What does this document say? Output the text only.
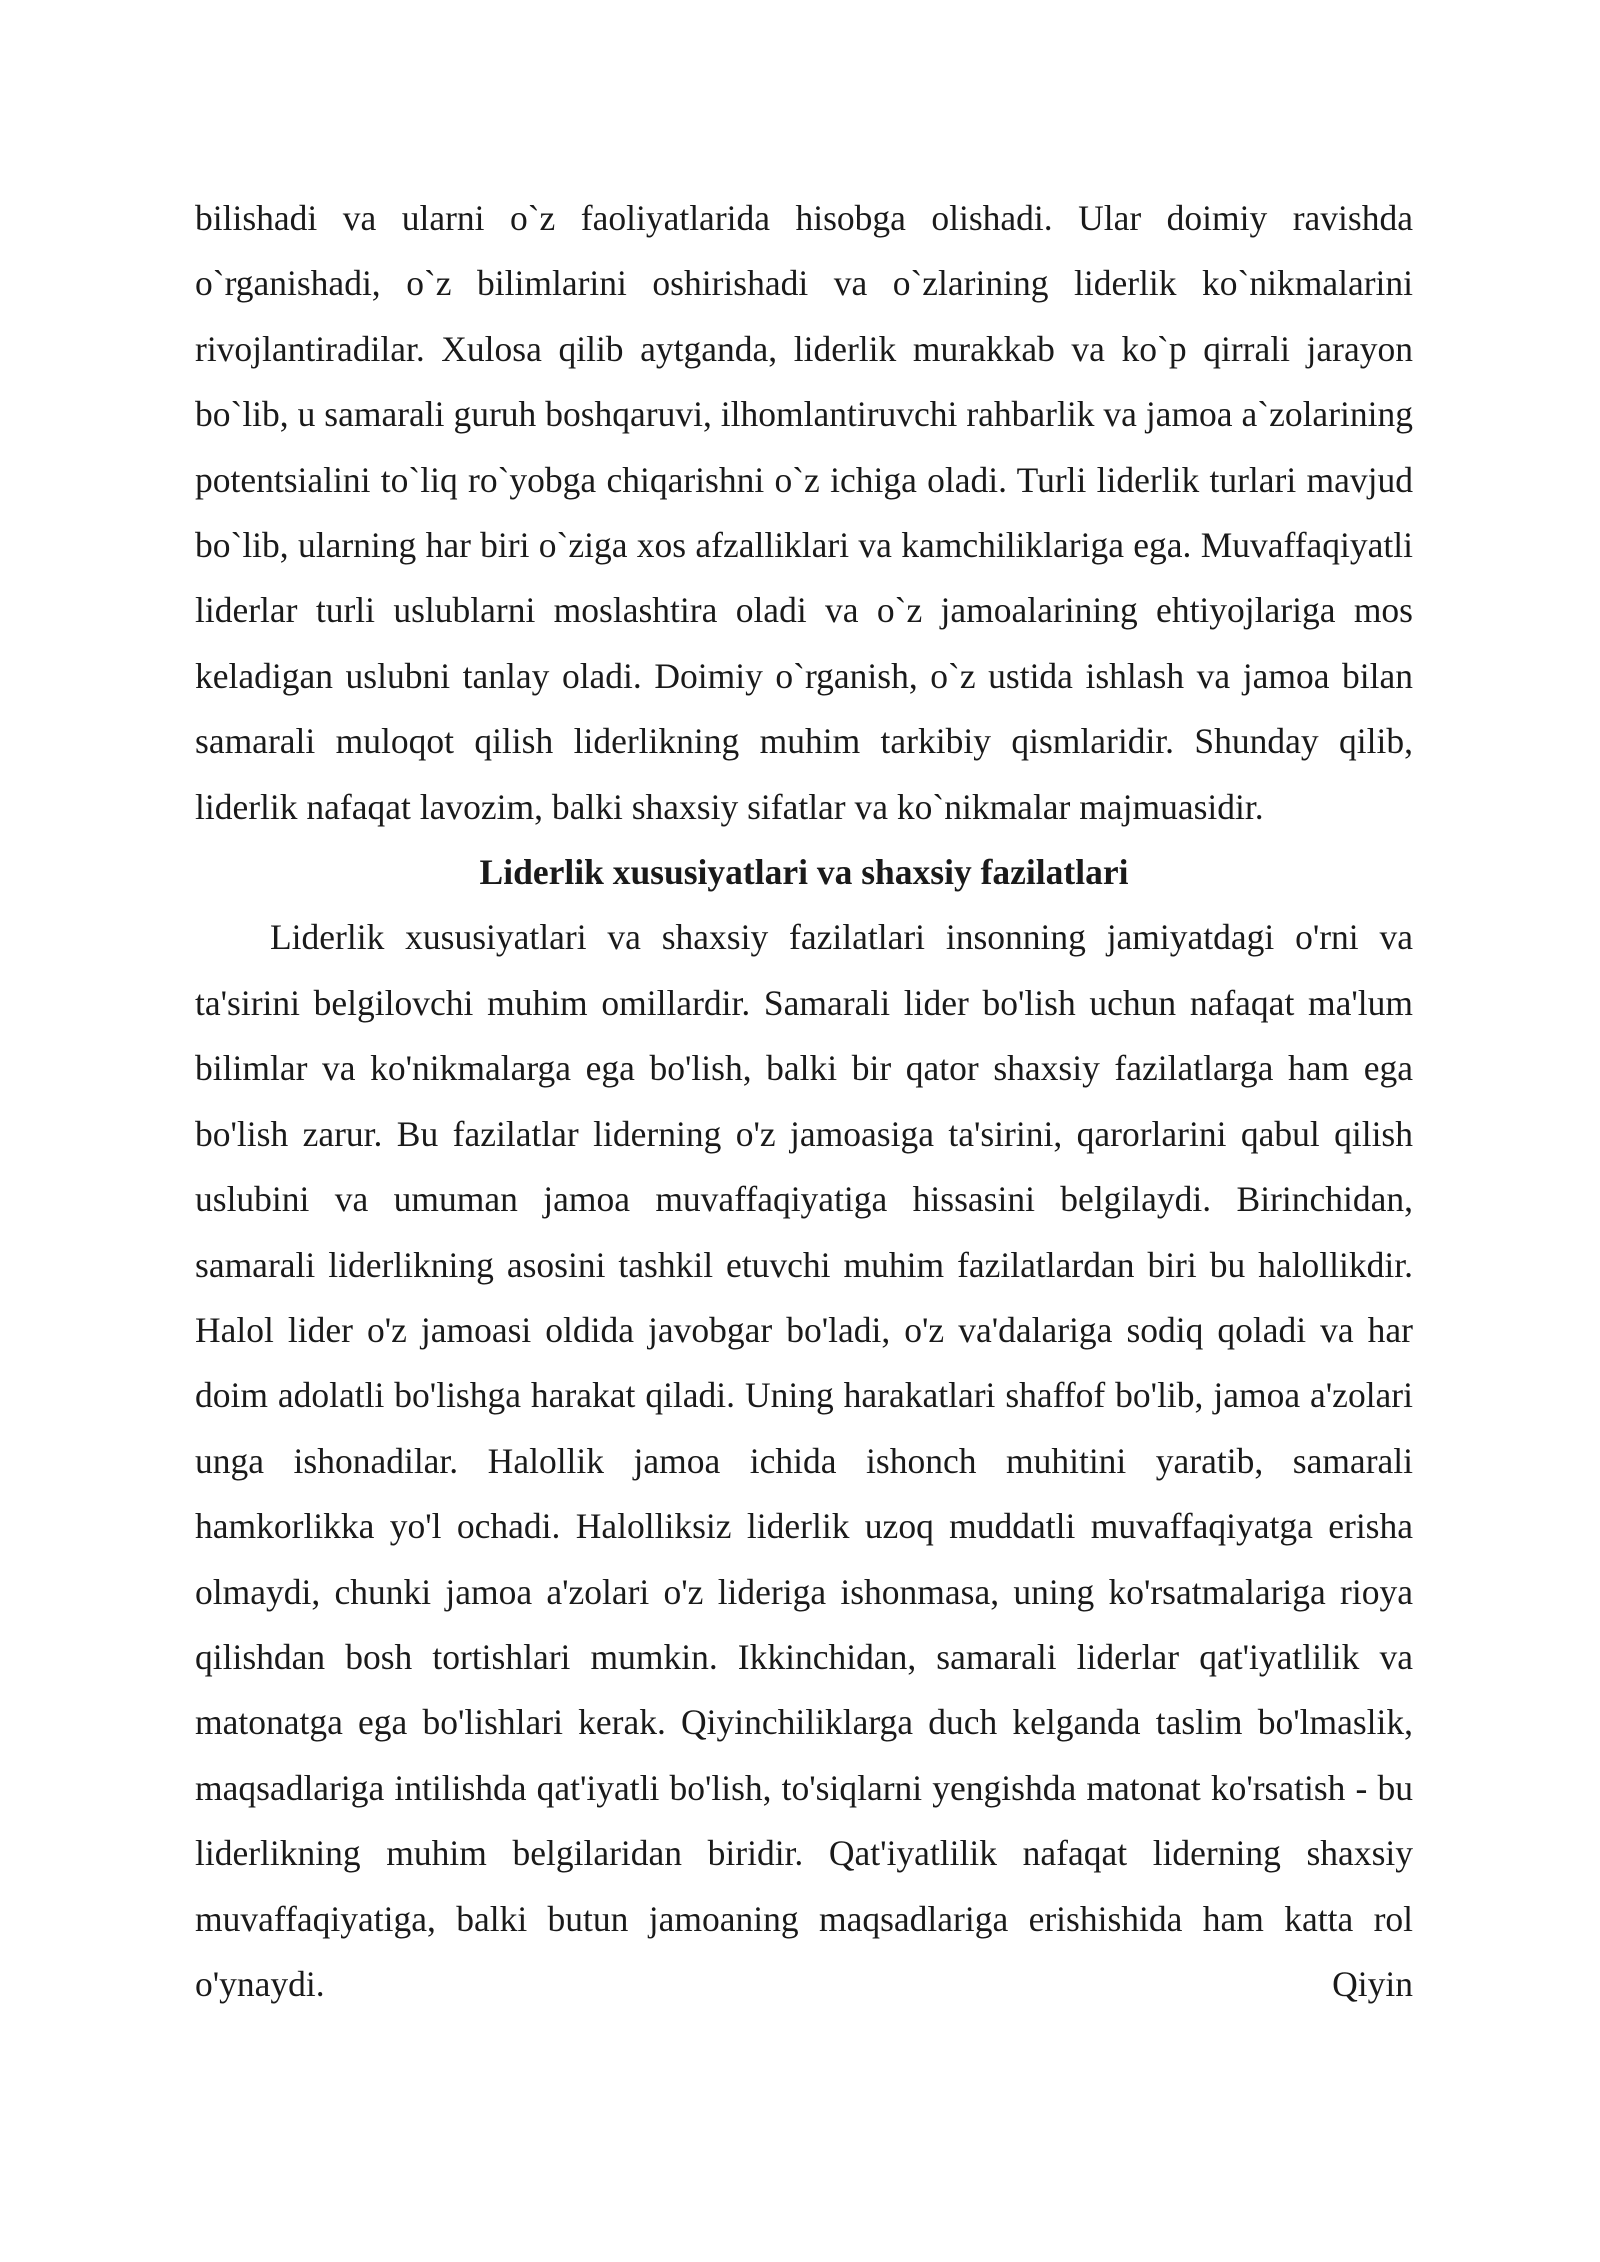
bilishadi va ularni o`z faoliyatlarida hisobga olishadi. Ular doimiy ravishda o`rganishadi, o`z bilimlarini oshirishadi va o`zlarining liderlik ko`nikmalarini rivojlantiradilar. Xulosa qilib aytganda, liderlik murakkab va ko`p qirrali jarayon bo`lib, u samarali guruh boshqaruvi, ilhomlantiruvchi rahbarlik va jamoa a`zolarining potentsialini to`liq ro`yobga chiqarishni o`z ichiga oladi. Turli liderlik turlari mavjud bo`lib, ularning har biri o`ziga xos afzalliklari va kamchiliklariga ega. Muvaffaqiyatli liderlar turli uslublarni moslashtira oladi va o`z jamoalarining ehtiyojlariga mos keladigan uslubni tanlay oladi. Doimiy o`rganish, o`z ustida ishlash va jamoa bilan samarali muloqot qilish liderlikning muhim tarkibiy qismlaridir. Shunday qilib, liderlik nafaqat lavozim, balki shaxsiy sifatlar va ko`nikmalar majmuasidir.

Liderlik xususiyatlari va shaxsiy fazilatlari

Liderlik xususiyatlari va shaxsiy fazilatlari insonning jamiyatdagi o'rni va ta'sirini belgilovchi muhim omillardir. Samarali lider bo'lish uchun nafaqat ma'lum bilimlar va ko'nikmalarga ega bo'lish, balki bir qator shaxsiy fazilatlarga ham ega bo'lish zarur. Bu fazilatlar liderning o'z jamoasiga ta'sirini, qarorlarini qabul qilish uslubini va umuman jamoa muvaffaqiyatiga hissasini belgilaydi. Birinchidan, samarali liderlikning asosini tashkil etuvchi muhim fazilatlardan biri bu halollikdir. Halol lider o'z jamoasi oldida javobgar bo'ladi, o'z va'dalariga sodiq qoladi va har doim adolatli bo'lishga harakat qiladi. Uning harakatlari shaffof bo'lib, jamoa a'zolari unga ishonadilar. Halollik jamoa ichida ishonch muhitini yaratib, samarali hamkorlikka yo'l ochadi. Halolliksiz liderlik uzoq muddatli muvaffaqiyatga erisha olmaydi, chunki jamoa a'zolari o'z lideriga ishonmasa, uning ko'rsatmalariga rioya qilishdan bosh tortishlari mumkin. Ikkinchidan, samarali liderlar qat'iyatlilik va matonatga ega bo'lishlari kerak. Qiyinchiliklarga duch kelganda taslim bo'lmaslik, maqsadlariga intilishda qat'iyatli bo'lish, to'siqlarni yengishda matonat ko'rsatish - bu liderlikning muhim belgilaridan biridir. Qat'iyatlilik nafaqat liderning shaxsiy muvaffaqiyatiga, balki butun jamoaning maqsadlariga erishishida ham katta rol o'ynaydi. Qiyin
